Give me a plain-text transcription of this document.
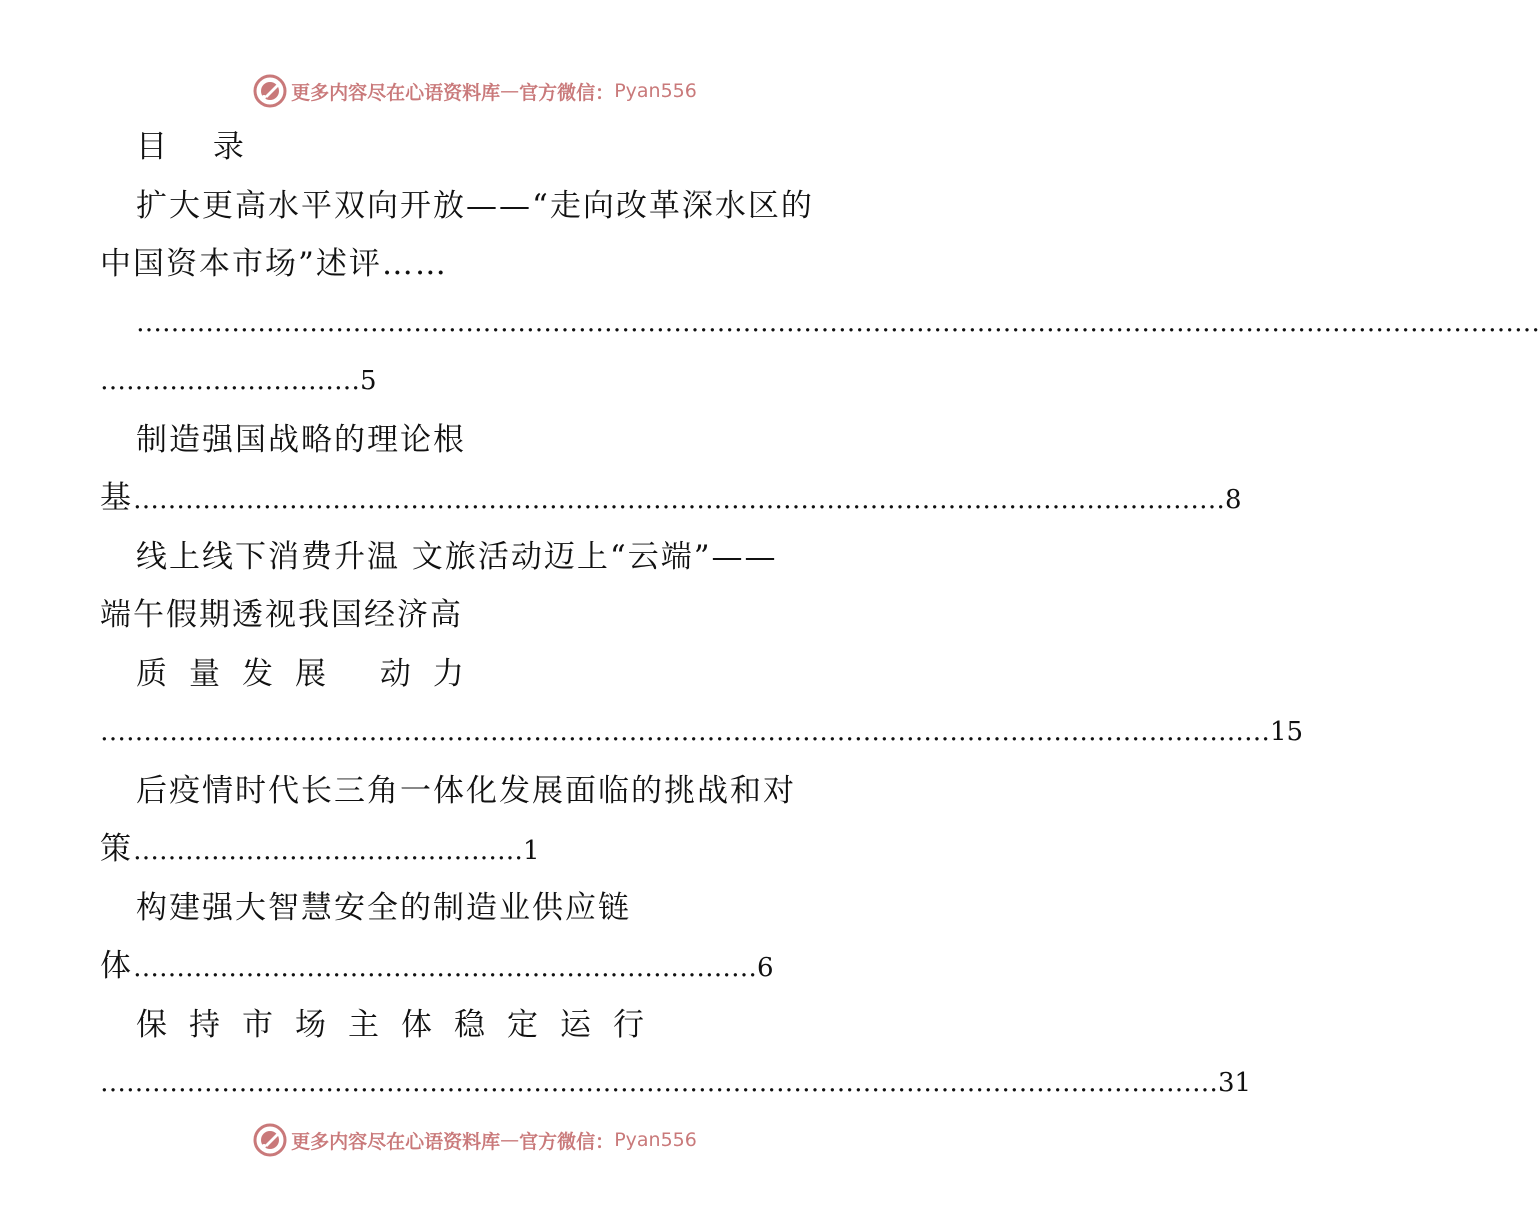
更多内容尽在心语资料库 — 官方微信： Pyan556
目 录
扩大更高水平双向开放——“走向改革深水区的
中国资本市场”述评……
………………………………………………………………………………………………………………………………………………
…………………………5
制造强国战略的理论根
基………………………………………………………………………………………………………………8
线上线下消费升温 文旅活动迈上“云端”——
端午假期透视我国经济高
质量发展 动力
………………………………………………………………………………………………………………………15
后疫情时代长三角一体化发展面临的挑战和对
策………………………………………1
构建强大智慧安全的制造业供应链
体………………………………………………………………6
保持市场主体稳定运行
…………………………………………………………………………………………………………………31
更多内容尽在心语资料库 — 官方微信： Pyan556
